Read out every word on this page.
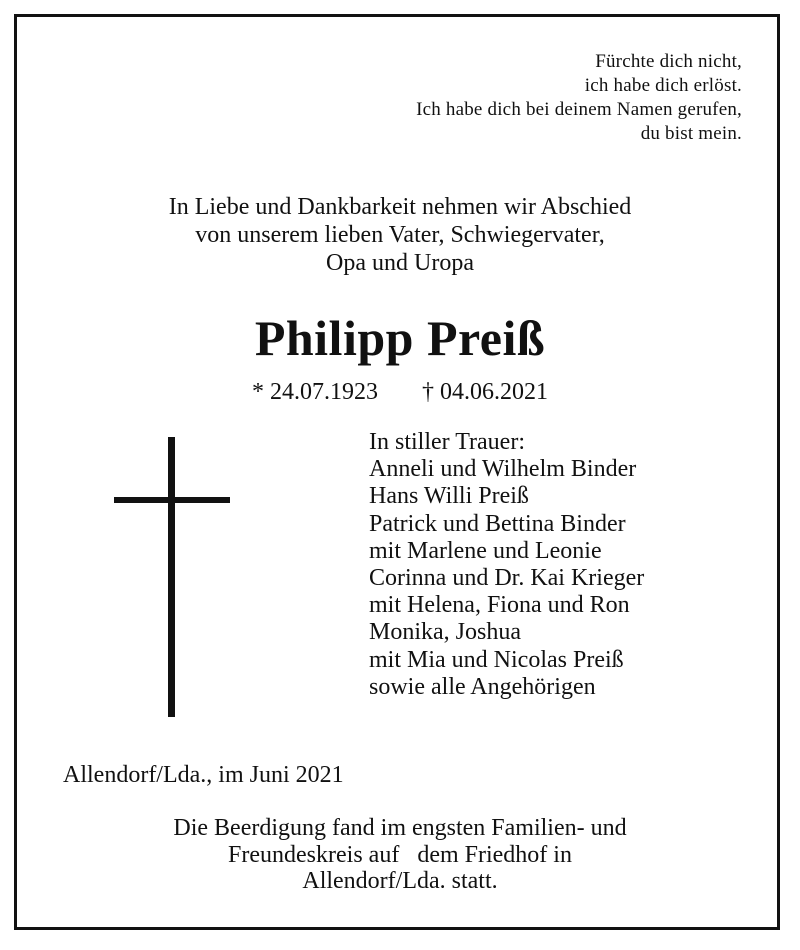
Fürchte dich nicht,
ich habe dich erlöst.
Ich habe dich bei deinem Namen gerufen,
du bist mein.
In Liebe und Dankbarkeit nehmen wir Abschied
von unserem lieben Vater, Schwiegervater,
Opa und Uropa
Philipp Preiß
* 24.07.1923 † 04.06.2021
In stiller Trauer:
Anneli und Wilhelm Binder
Hans Willi Preiß
Patrick und Bettina Binder
mit Marlene und Leonie
Corinna und Dr. Kai Krieger
mit Helena, Fiona und Ron
Monika, Joshua
mit Mia und Nicolas Preiß
sowie alle Angehörigen
Allendorf/Lda., im Juni 2021
Die Beerdigung fand im engsten Familien- und
Freundeskreis auf   dem Friedhof in
Allendorf/Lda. statt.
